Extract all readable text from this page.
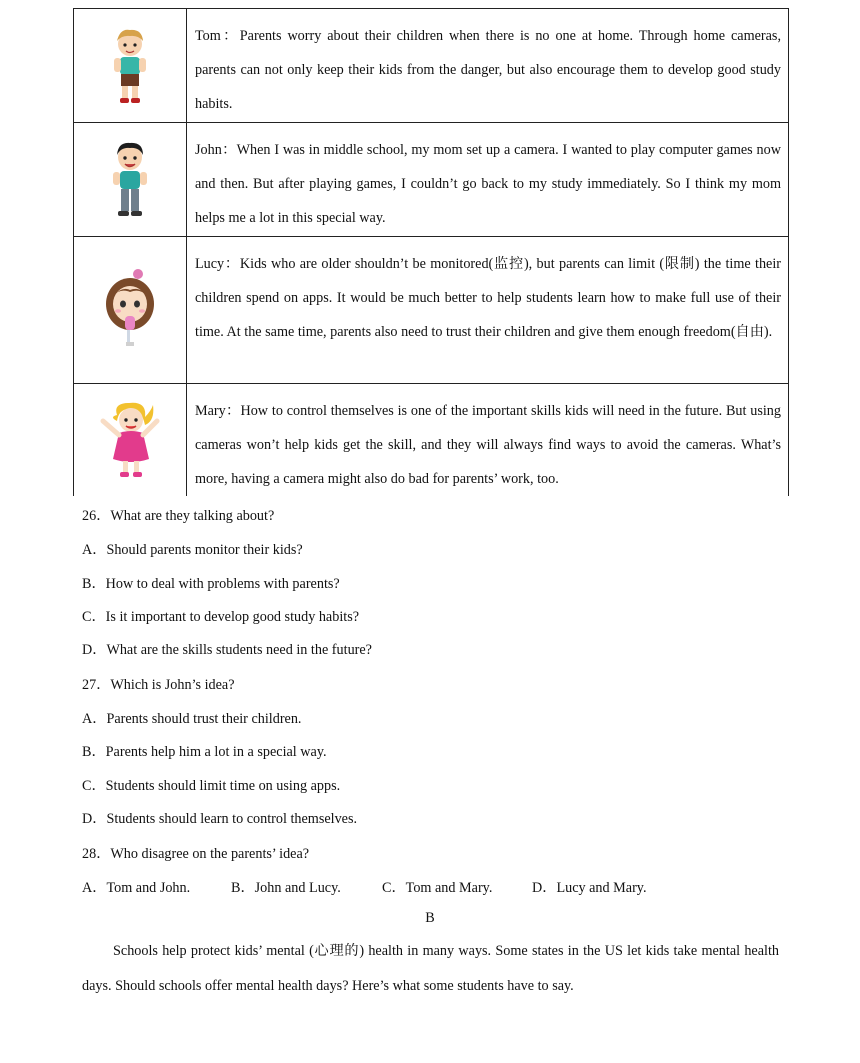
Tom：Parents worry about their children when there is no one at home. Through home cameras, parents can not only keep their kids from the danger, but also encourage them to develop good study habits.
John：When I was in middle school, my mom set up a camera. I wanted to play computer games now and then. But after playing games, I couldn’t go back to my study immediately. So I think my mom helps me a lot in this special way.
Lucy：Kids who are older shouldn’t be monitored(监控), but parents can limit (限制) the time their children spend on apps. It would be much better to help students learn how to make full use of their time. At the same time, parents also need to trust their children and give them enough freedom(自由).
Mary：How to control themselves is one of the important skills kids will need in the future. But using cameras won’t help kids get the skill, and they will always find ways to avoid the cameras. What’s more, having a camera might also do bad for parents’ work, too.
26．What are they talking about?
A．Should parents monitor their kids?
B．How to deal with problems with parents?
C．Is it important to develop good study habits?
D．What are the skills students need in the future?
27．Which is John’s idea?
A．Parents should trust their children.
B．Parents help him a lot in a special way.
C．Students should limit time on using apps.
D．Students should learn to control themselves.
28．Who disagree on the parents’ idea?
A．Tom and John.	B．John and Lucy.	C．Tom and Mary.	D．Lucy and Mary.
B
Schools help protect kids’ mental (心理的) health in many ways. Some states in the US let kids take mental health days. Should schools offer mental health days? Here’s what some students have to say.
